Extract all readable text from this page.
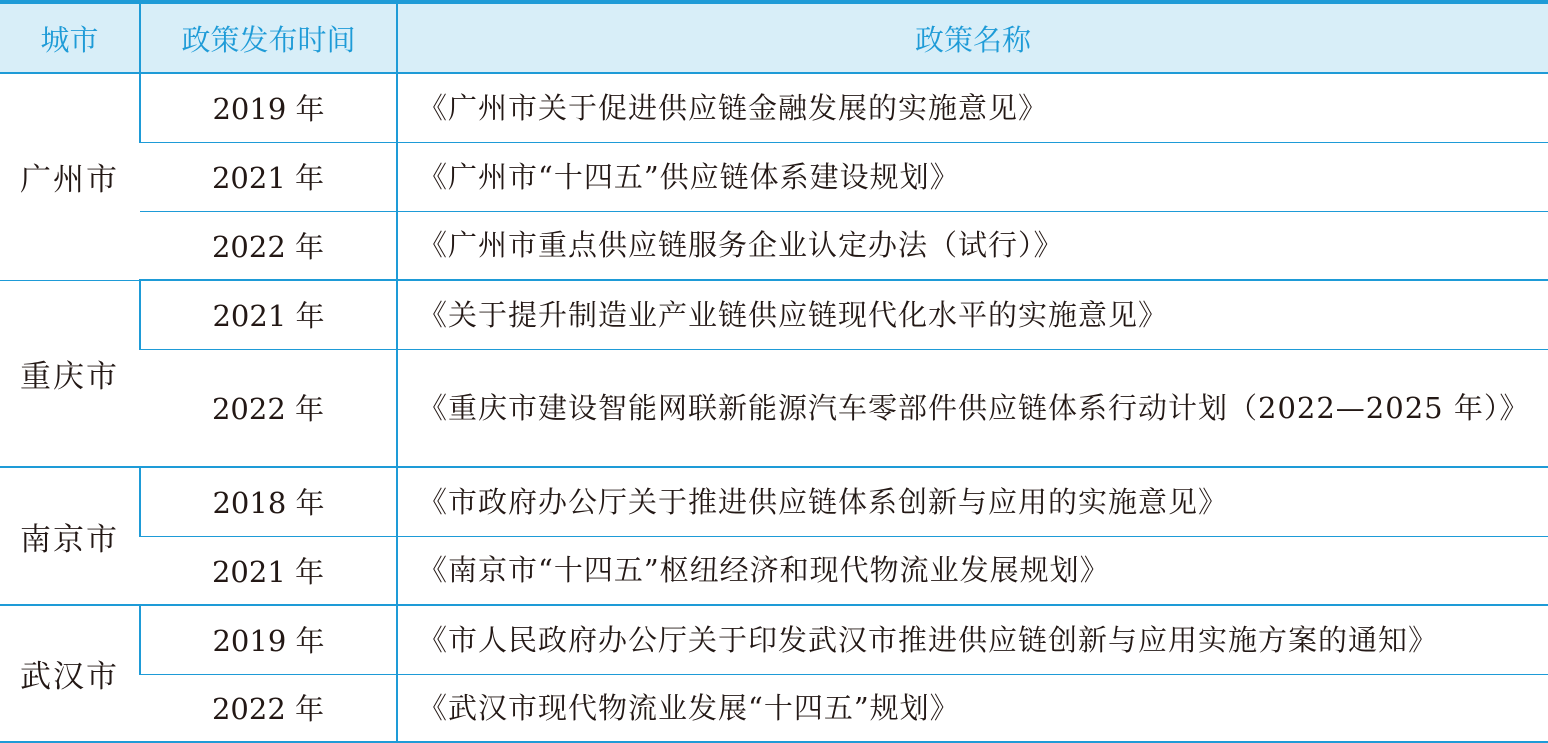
城市	政策发布时间	政策名称
广州市	2019 年	《广州市关于促进供应链金融发展的实施意见》
	2021 年	《广州市“十四五”供应链体系建设规划》
	2022 年	《广州市重点供应链服务企业认定办法（试行）》
重庆市	2021 年	《关于提升制造业产业链供应链现代化水平的实施意见》
	2022 年	《重庆市建设智能网联新能源汽车零部件供应链体系行动计划（2022—2025 年）》
南京市	2018 年	《市政府办公厅关于推进供应链体系创新与应用的实施意见》
	2021 年	《南京市“十四五”枢纽经济和现代物流业发展规划》
武汉市	2019 年	《市人民政府办公厅关于印发武汉市推进供应链创新与应用实施方案的通知》
	2022 年	《武汉市现代物流业发展“十四五”规划》
